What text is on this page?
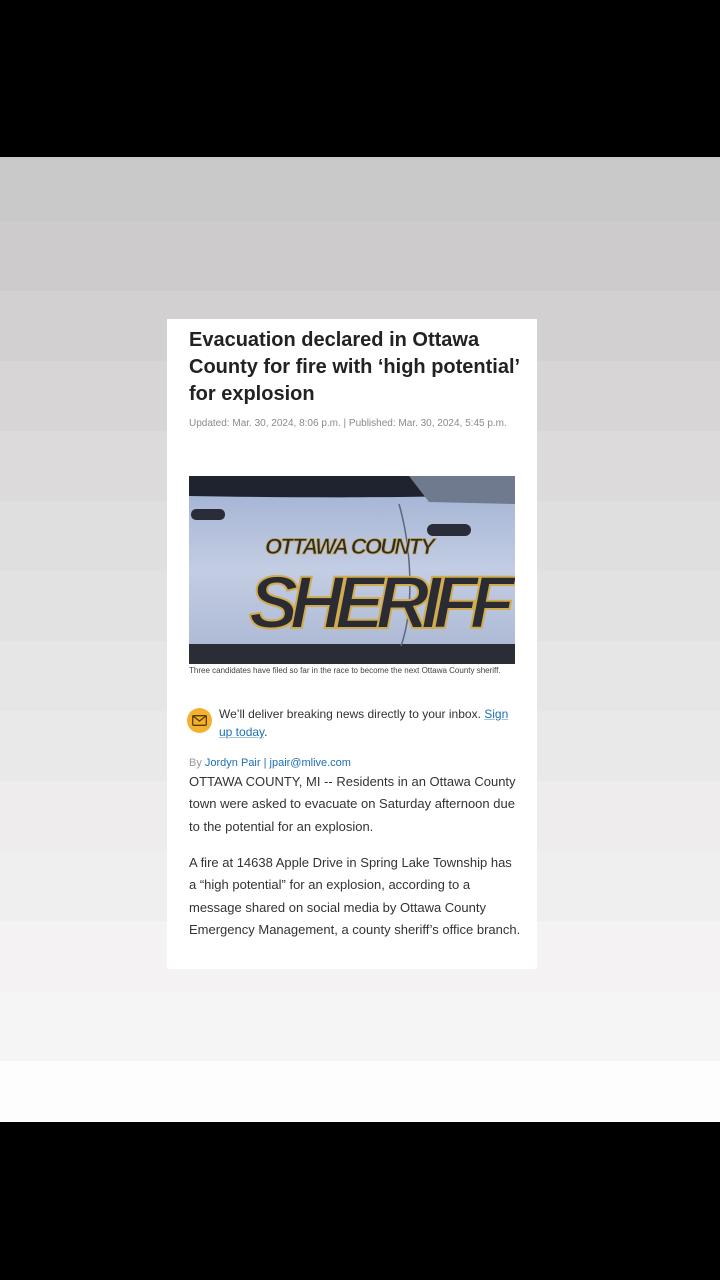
Evacuation declared in Ottawa County for fire with ‘high potential’ for explosion
Updated: Mar. 30, 2024, 8:06 p.m. | Published: Mar. 30, 2024, 5:45 p.m.
OTTAWA COUNTY
SHERIFF
Three candidates have filed so far in the race to become the next Ottawa County sheriff.
We’ll deliver breaking news directly to your inbox. Sign up today.
By Jordyn Pair | jpair@mlive.com

OTTAWA COUNTY, MI -- Residents in an Ottawa County town were asked to evacuate on Saturday afternoon due to the potential for an explosion.

A fire at 14638 Apple Drive in Spring Lake Township has a “high potential” for an explosion, according to a message shared on social media by Ottawa County Emergency Management, a county sheriff’s office branch.
